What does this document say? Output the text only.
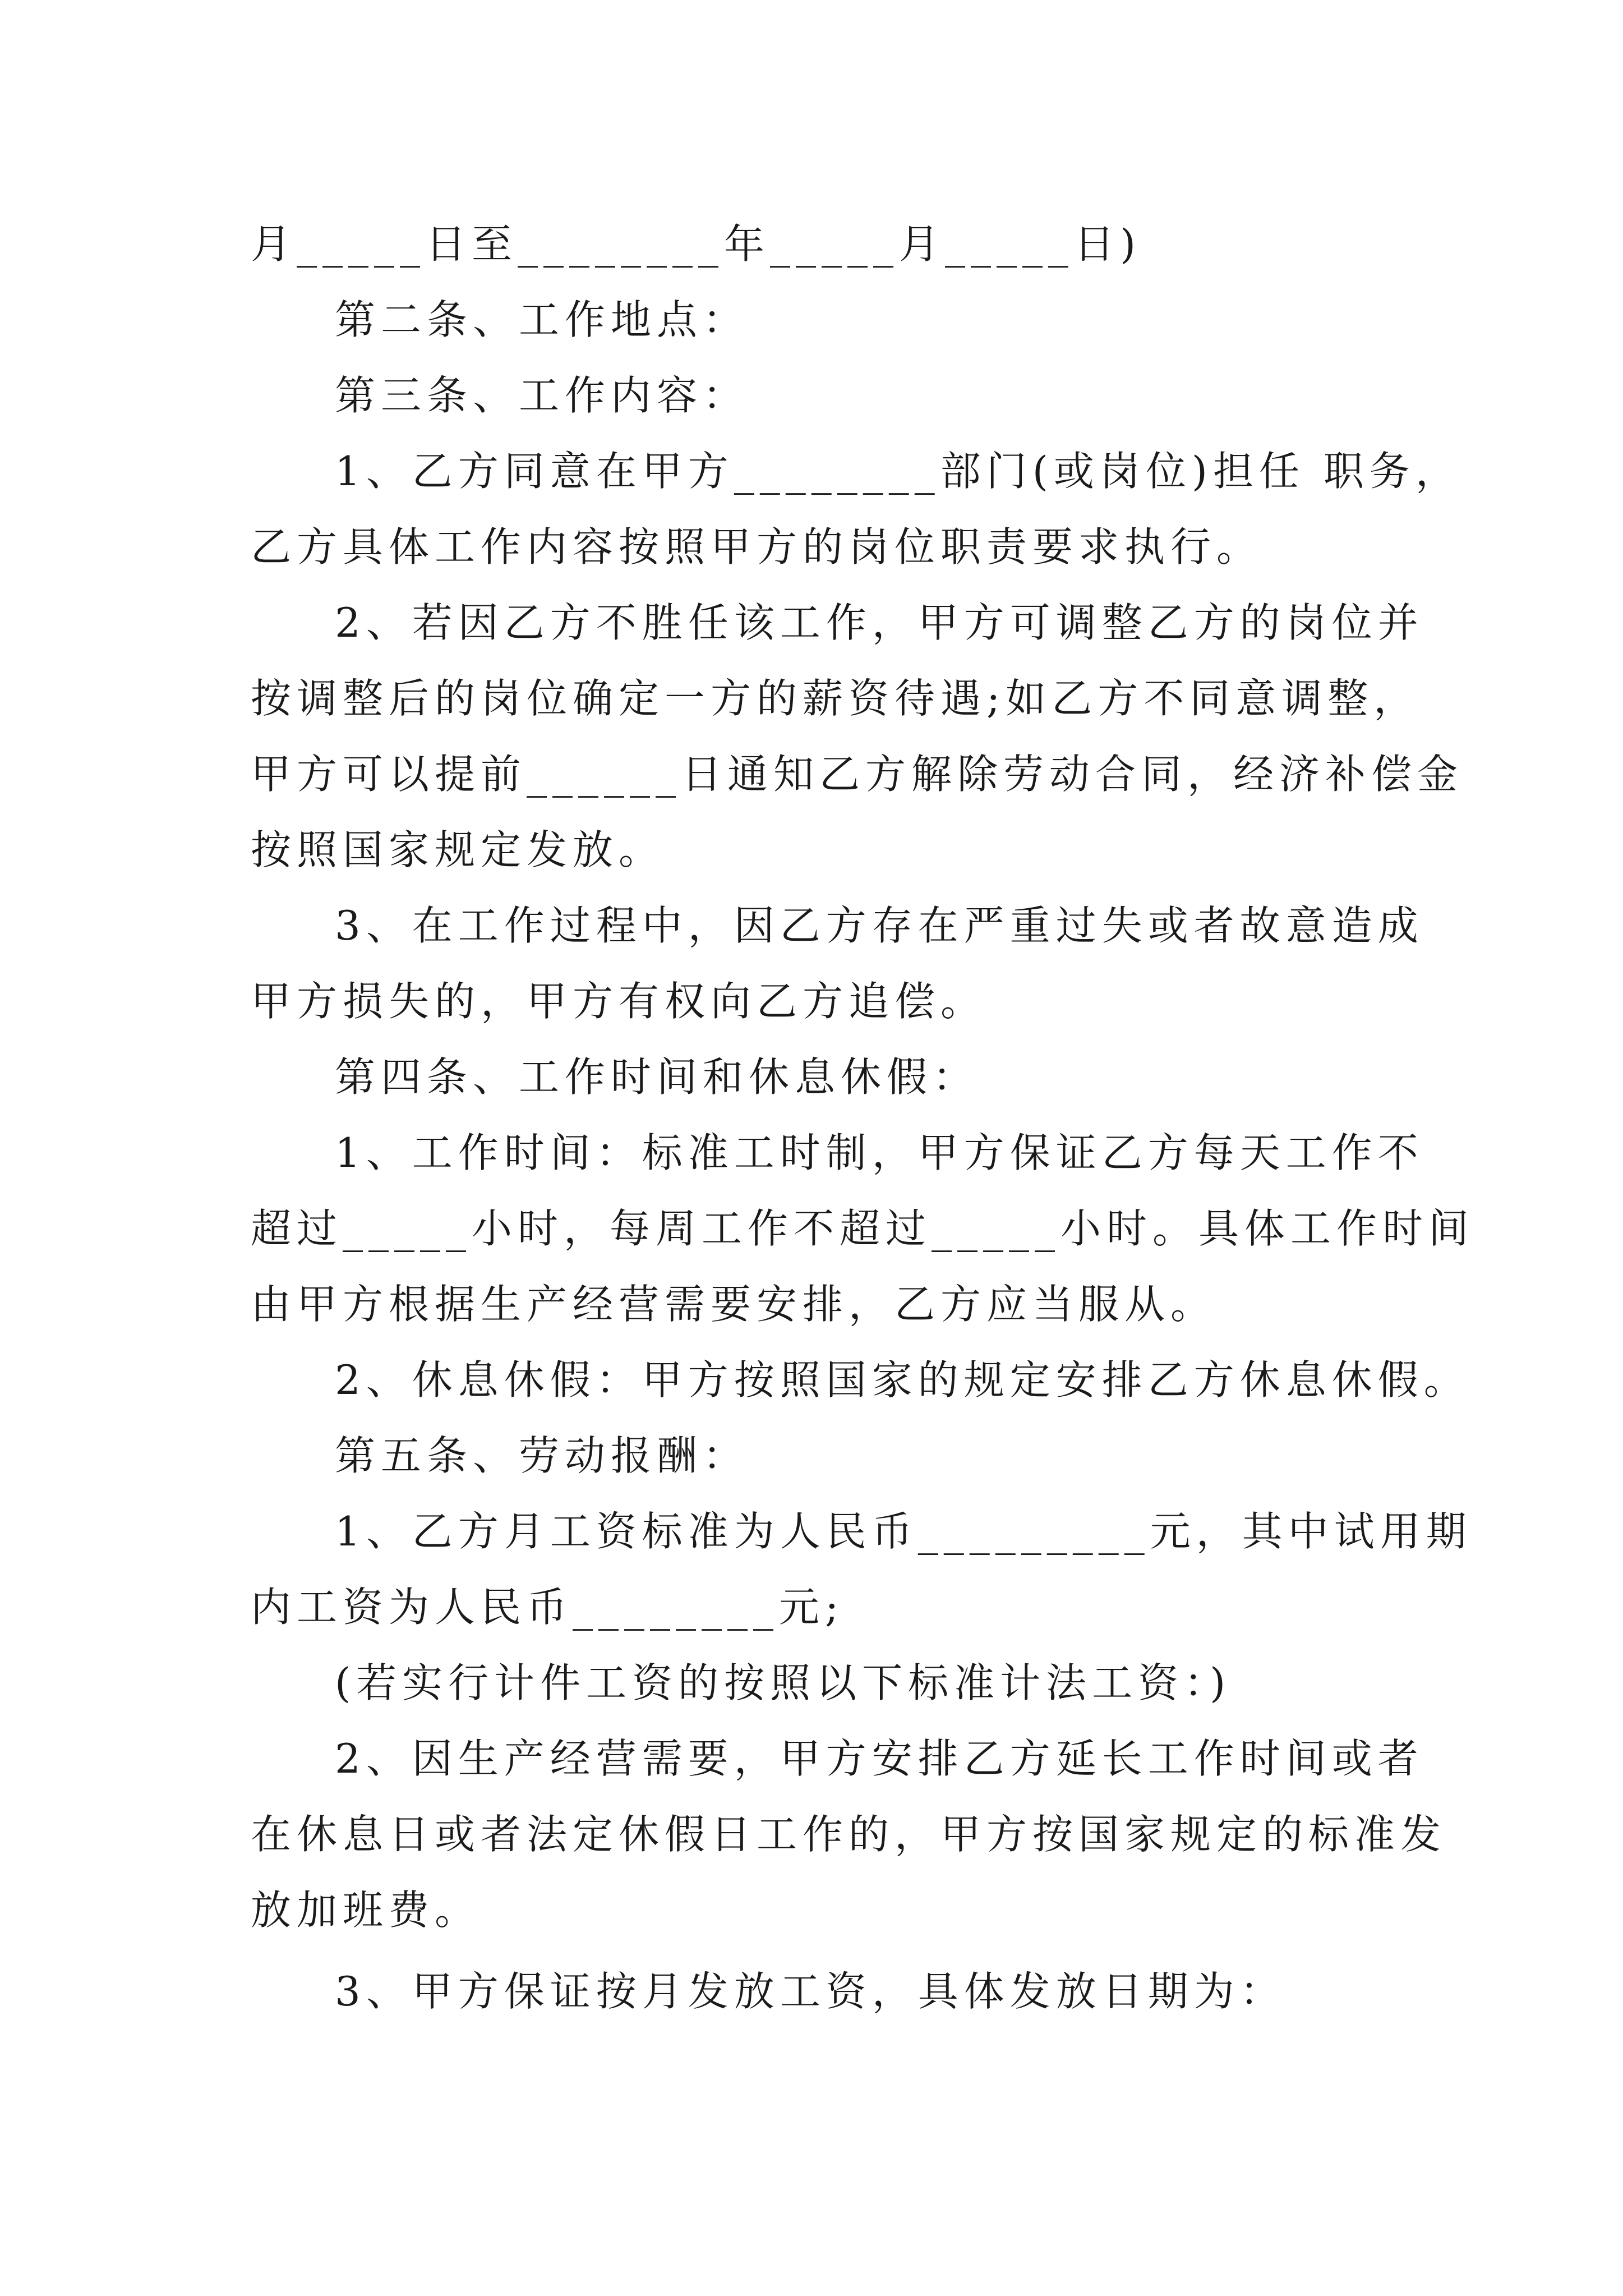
月_____日至________年_____月_____日)
第二条、工作地点：
第三条、工作内容：
1、乙方同意在甲方________部门(或岗位)担任 职务，
乙方具体工作内容按照甲方的岗位职责要求执行。
2、若因乙方不胜任该工作，甲方可调整乙方的岗位并
按调整后的岗位确定一方的薪资待遇;如乙方不同意调整，
甲方可以提前______日通知乙方解除劳动合同，经济补偿金
按照国家规定发放。
3、在工作过程中，因乙方存在严重过失或者故意造成
甲方损失的，甲方有权向乙方追偿。
第四条、工作时间和休息休假：
1、工作时间：标准工时制，甲方保证乙方每天工作不
超过_____小时，每周工作不超过_____小时。具体工作时间
由甲方根据生产经营需要安排，乙方应当服从。
2、休息休假：甲方按照国家的规定安排乙方休息休假。
第五条、劳动报酬：
1、乙方月工资标准为人民币_________元，其中试用期
内工资为人民币________元;
(若实行计件工资的按照以下标准计法工资：)
2、因生产经营需要，甲方安排乙方延长工作时间或者
在休息日或者法定休假日工作的，甲方按国家规定的标准发
放加班费。
3、甲方保证按月发放工资，具体发放日期为：
